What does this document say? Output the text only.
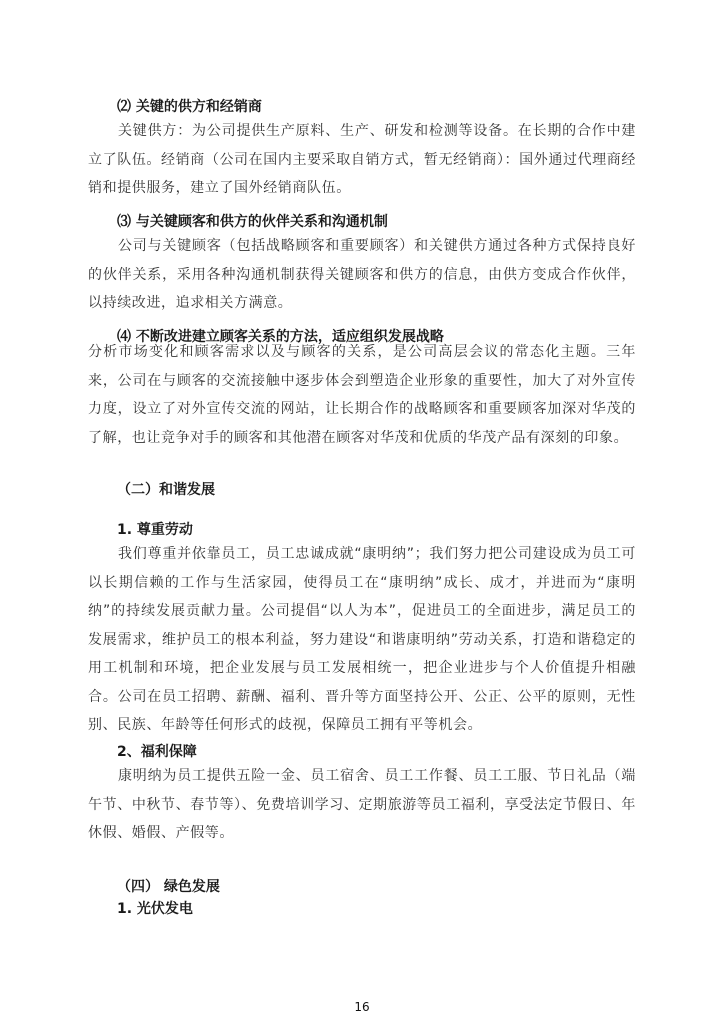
⑵ 关键的供方和经销商
关键供方：为公司提供生产原料、生产、研发和检测等设备。在长期的合作中建立了队伍。经销商（公司在国内主要采取自销方式，暂无经销商）：国外通过代理商经销和提供服务，建立了国外经销商队伍。
⑶ 与关键顾客和供方的伙伴关系和沟通机制
公司与关键顾客（包括战略顾客和重要顾客）和关键供方通过各种方式保持良好的伙伴关系，采用各种沟通机制获得关键顾客和供方的信息，由供方变成合作伙伴，以持续改进，追求相关方满意。
⑷ 不断改进建立顾客关系的方法，适应组织发展战略
分析市场变化和顾客需求以及与顾客的关系，是公司高层会议的常态化主题。三年来，公司在与顾客的交流接触中逐步体会到塑造企业形象的重要性，加大了对外宣传力度，设立了对外宣传交流的网站，让长期合作的战略顾客和重要顾客加深对华茂的了解，也让竞争对手的顾客和其他潜在顾客对华茂和优质的华茂产品有深刻的印象。
（二）和谐发展
1. 尊重劳动
我们尊重并依靠员工，员工忠诚成就“康明纳”；我们努力把公司建设成为员工可以长期信赖的工作与生活家园，使得员工在“康明纳”成长、成才，并进而为“康明纳”的持续发展贡献力量。公司提倡“以人为本”，促进员工的全面进步，满足员工的发展需求，维护员工的根本利益，努力建设“和谐康明纳”劳动关系，打造和谐稳定的用工机制和环境，把企业发展与员工发展相统一，把企业进步与个人价值提升相融合。公司在员工招聘、薪酬、福利、晋升等方面坚持公开、公正、公平的原则，无性别、民族、年龄等任何形式的歧视，保障员工拥有平等机会。
2、福利保障
康明纳为员工提供五险一金、员工宿舍、员工工作餐、员工工服、节日礼品（端午节、中秋节、春节等）、免费培训学习、定期旅游等员工福利，享受法定节假日、年休假、婚假、产假等。
（四） 绿色发展
1. 光伏发电
16
